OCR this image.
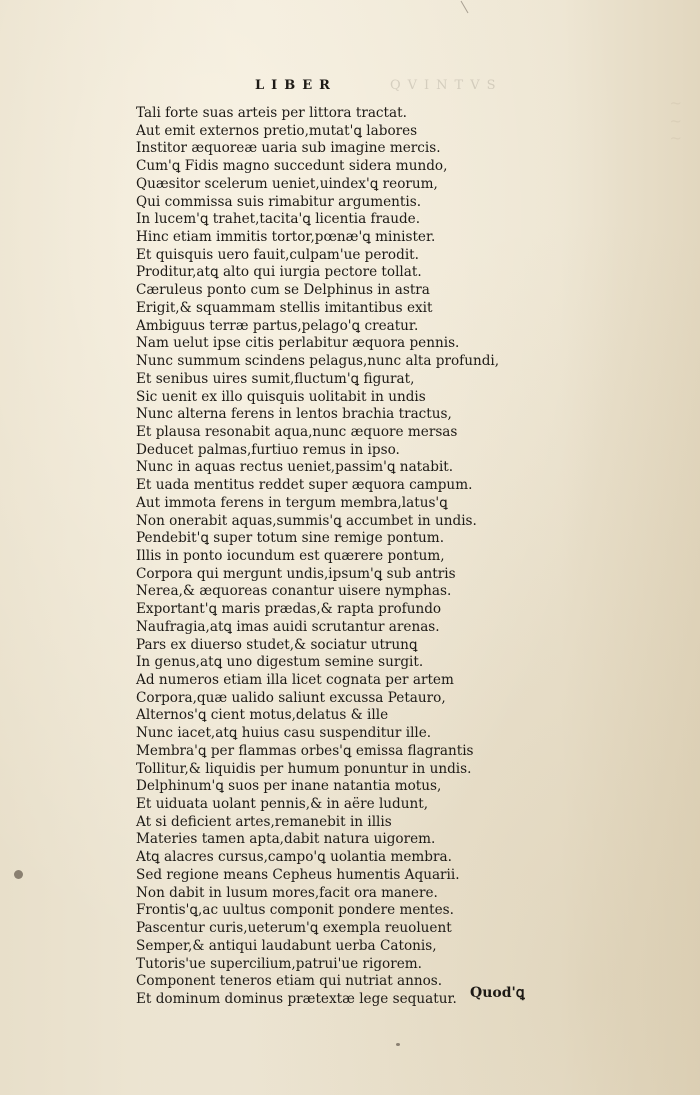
~
~
~
LIBER	QVINTVS
Tali forte suas arteis per littora tractat.
Aut emit externos pretio,mutat'ꝗ labores
Institor æquoreæ uaria sub imagine mercis.
Cum'ꝗ Fidis magno succedunt sidera mundo,
Quæsitor scelerum ueniet,uindex'ꝗ reorum,
Qui commissa suis rimabitur argumentis.
In lucem'ꝗ trahet,tacita'ꝗ licentia fraude.
Hinc etiam immitis tortor,pœnæ'ꝗ minister.
Et quisquis uero fauit,culpam'ue perodit.
Proditur,atꝗ alto qui iurgia pectore tollat.
Cæruleus ponto cum se Delphinus in astra
Erigit,& squammam stellis imitantibus exit
Ambiguus terræ partus,pelago'ꝗ creatur.
Nam uelut ipse citis perlabitur æquora pennis.
Nunc summum scindens pelagus,nunc alta profundi,
Et senibus uires sumit,fluctum'ꝗ figurat,
Sic uenit ex illo quisquis uolitabit in undis
Nunc alterna ferens in lentos brachia tractus,
Et plausa resonabit aqua,nunc æquore mersas
Deducet palmas,furtiuo remus in ipso.
Nunc in aquas rectus ueniet,passim'ꝗ natabit.
Et uada mentitus reddet super æquora campum.
Aut immota ferens in tergum membra,latus'ꝗ
Non onerabit aquas,summis'ꝗ accumbet in undis.
Pendebit'ꝗ super totum sine remige pontum.
Illis in ponto iocundum est quærere pontum,
Corpora qui mergunt undis,ipsum'ꝗ sub antris
Nerea,& æquoreas conantur uisere nymphas.
Exportant'ꝗ maris prædas,& rapta profundo
Naufragia,atꝗ imas auidi scrutantur arenas.
Pars ex diuerso studet,& sociatur utrunꝗ
In genus,atꝗ uno digestum semine surgit.
Ad numeros etiam illa licet cognata per artem
Corpora,quæ ualido saliunt excussa Petauro,
Alternos'ꝗ cient motus,delatus & ille
Nunc iacet,atꝗ huius casu suspenditur ille.
Membra'ꝗ per flammas orbes'ꝗ emissa flagrantis
Tollitur,& liquidis per humum ponuntur in undis.
Delphinum'ꝗ suos per inane natantia motus,
Et uiduata uolant pennis,& in aëre ludunt,
At si deficient artes,remanebit in illis
Materies tamen apta,dabit natura uigorem.
Atꝗ alacres cursus,campo'ꝗ uolantia membra.
Sed regione means Cepheus humentis Aquarii.
Non dabit in lusum mores,facit ora manere.
Frontis'ꝗ,ac uultus componit pondere mentes.
Pascentur curis,ueterum'ꝗ exempla reuoluent
Semper,& antiqui laudabunt uerba Catonis,
Tutoris'ue supercilium,patrui'ue rigorem.
Component teneros etiam qui nutriat annos.
Et dominum dominus prætextæ lege sequatur. Quod'ꝗ
